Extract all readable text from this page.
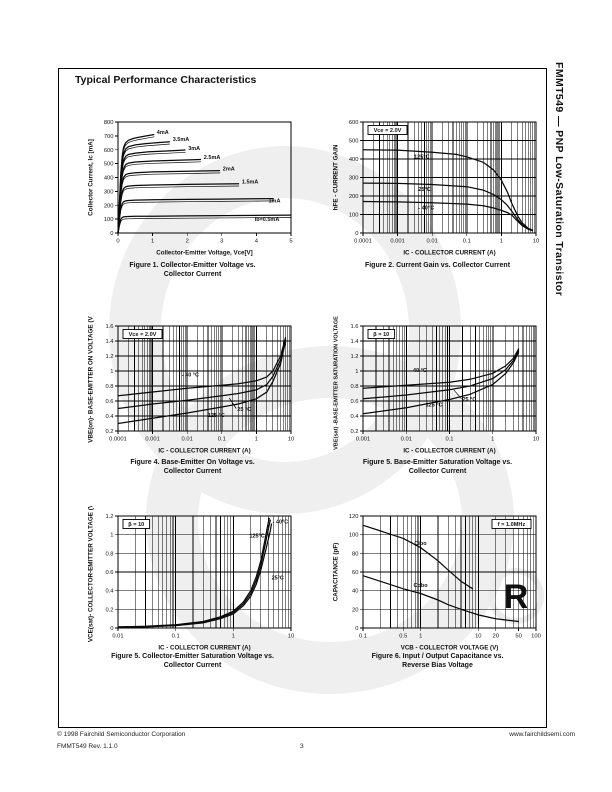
R
Typical Performance Characteristics	FMMT549 — PNP Low-Saturation Transistor
0	1	2	3	4	5
0
100
200
300
400
500
600
700
800
4mA
3.5mA
3mA
2.5mA
2mA
1.5mA
1mA
Ib=0.5mA
Collector-Emitter Voltage, Vce[V]
Collector Current, Ic [mA]
0.0001	0.001	0.01	0.1	1	10
0
100
200
300
400
500
600
125°C
25°C
- 40°C
Vce = 2.0V
IC - COLLECTOR CURRENT (A)
hFE - CURRENT GAIN
0.0001	0.001	0.01	0.1	1	10
0.2
0.4
0.6
0.8
1
1.2
1.4
1.6
- 40 °C
25 °C
125 °C
Vce = 2.0V
IC - COLLECTOR CURRENT (A)
VBE(on)- BASE-EMITTER ON VOLTAGE (V)	0.001	0.01	0.1	1	10
0.2
0.4
0.6
0.8
1
1.2
1.4
1.6
- 40 °C
25 °C
125 °C
β = 10
IC - COLLECTOR CURRENT (A)
VBE(sat) -BASE-EMITTER SATURATION VOLTAGE (V)
0.01	0.1	1	10
0
0.2
0.4
0.6
0.8
1
1.2
- 40°C
25°C
125°C
β = 10
IC - COLLECTOR CURRENT (A)
VCE(sat)- COLLECTOR-EMITTER VOLTAGE (V)	0.1	0.5 1	10 20	50 100
0
20
40
60
80
100
120
Cibo
Cobo
f = 1.0MHz
VCB - COLLECTOR VOLTAGE (V)
CAPACITANCE (pF)
Figure 1. Collector-Emitter Voltage vs.
Collector Current
Figure 2. Current Gain vs. Collector Current
Figure 4. Base-Emitter On Voltage vs.
Collector Current
Figure 5. Base-Emitter Saturation Voltage vs.
Collector Current
Figure 5. Collector-Emitter Saturation Voltage vs.
Collector Current
Figure 6. Input / Output Capacitance vs.
Reverse Bias Voltage
© 1998 Fairchild Semiconductor Corporation	www.fairchildsemi.com
FMMT549 Rev. 1.1.0	3
